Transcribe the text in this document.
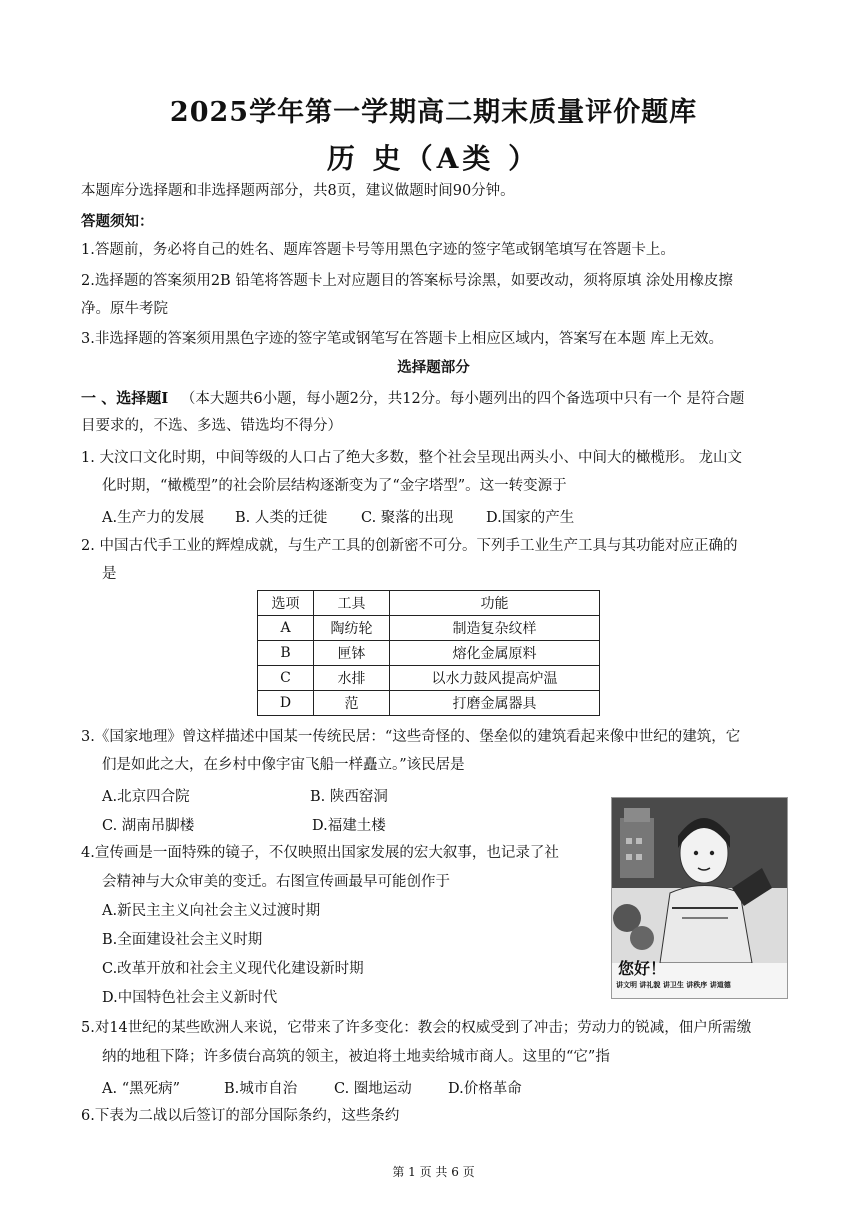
2025学年第一学期高二期末质量评价题库
历 史（A类 ）
本题库分选择题和非选择题两部分，共8页，建议做题时间90分钟。
答题须知：
1.答题前，务必将自己的姓名、题库答题卡号等用黑色字迹的签字笔或钢笔填写在答题卡上。
2.选择题的答案须用2B 铅笔将答题卡上对应题目的答案标号涂黑，如要改动，须将原填 涂处用橡皮擦
净。原牛考院
3.非选择题的答案须用黑色字迹的签字笔或钢笔写在答题卡上相应区域内，答案写在本题 库上无效。
选择题部分
一 、选择题I （本大题共6小题，每小题2分，共12分。每小题列出的四个备选项中只有一个 是符合题
目要求的，不选、多选、错选均不得分）
1. 大汶口文化时期，中间等级的人口占了绝大多数，整个社会呈现出两头小、中间大的橄榄形。 龙山文
化时期，“橄榄型”的社会阶层结构逐渐变为了“金字塔型”。这一转变源于
A.生产力的发展 B. 人类的迁徙 C. 聚落的出现 D.国家的产生
2. 中国古代手工业的辉煌成就，与生产工具的创新密不可分。下列手工业生产工具与其功能对应正确的
是
选项	工具	功能
A	陶纺轮	制造复杂纹样
B	匣钵	熔化金属原料
C	水排	以水力鼓风提高炉温
D	范	打磨金属器具
3.《国家地理》曾这样描述中国某一传统民居：“这些奇怪的、堡垒似的建筑看起来像中世纪的建筑，它
们是如此之大，在乡村中像宇宙飞船一样矗立。”该民居是
A.北京四合院	B. 陕西窑洞
C. 湖南吊脚楼	D.福建土楼
4.宣传画是一面特殊的镜子，不仅映照出国家发展的宏大叙事，也记录了社
会精神与大众审美的变迁。右图宣传画最早可能创作于
A.新民主主义向社会主义过渡时期
B.全面建设社会主义时期
C.改革开放和社会主义现代化建设新时期
D.中国特色社会主义新时代
您好！
讲文明 讲礼貌 讲卫生 讲秩序 讲道德
5.对14世纪的某些欧洲人来说，它带来了许多变化：教会的权威受到了冲击；劳动力的锐减，佃户所需缴
纳的地租下降；许多债台高筑的领主，被迫将土地卖给城市商人。这里的“它”指
A. “黑死病”	B.城市自治	C. 圈地运动 D.价格革命
6.下表为二战以后签订的部分国际条约，这些条约
第 1 页 共 6 页
